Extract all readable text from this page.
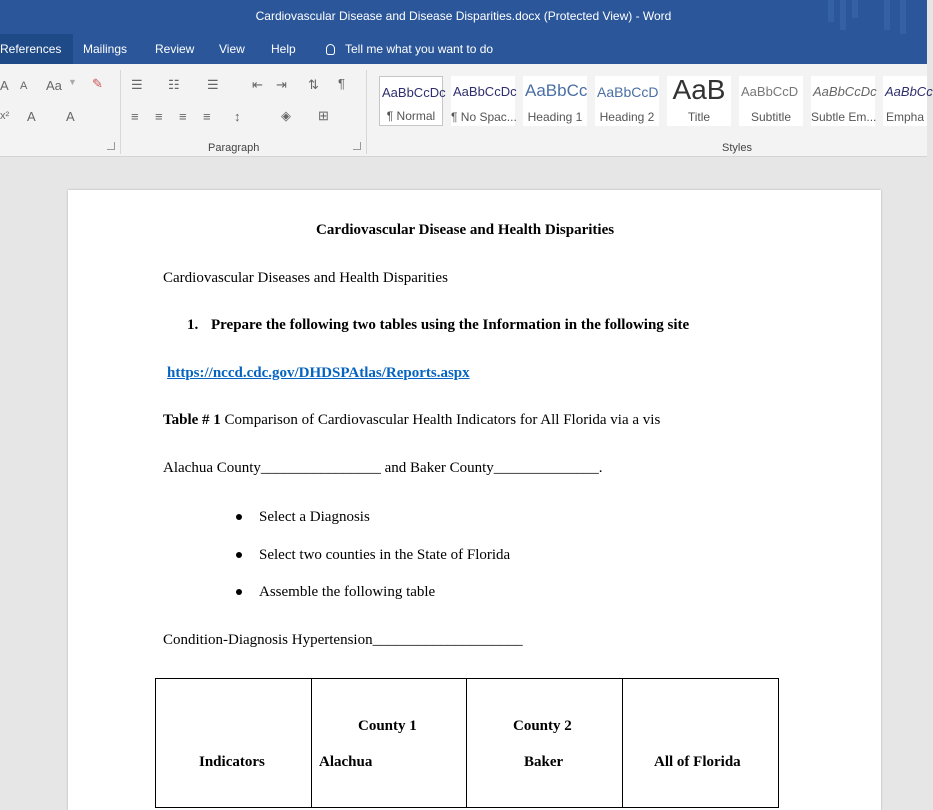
Cardiovascular Disease and Disease Disparities.docx (Protected View) - Word
References	Mailings Review View Help	Tell me what you want to do
A A Aa ▼ ✎
x² A A
☰ ☷ ☰	⇤ ⇥ ⇅ ¶
≡ ≡ ≡ ≡ ↕	◈ ⊞
Paragraph
AaBbCcDc
¶ Normal
AaBbCcDc
¶ No Spac...
AaBbCc
Heading 1
AaBbCcD
Heading 2
AaB
Title
AaBbCcD
Subtitle
AaBbCcDc
Subtle Em...
AaBbCc
Empha
Styles
Cardiovascular Disease and Health Disparities
Cardiovascular Diseases and Health Disparities
1. Prepare the following two tables using the Information in the following site
https://nccd.cdc.gov/DHDSPAtlas/Reports.aspx
Table # 1 Comparison of Cardiovascular Health Indicators for All Florida via a vis
Alachua County________________ and Baker County______________.
Select a Diagnosis
Select two counties in the State of Florida
Assemble the following table
Condition-Diagnosis Hypertension____________________
Indicators
County 1
Alachua
County 2
Baker	All of Florida
